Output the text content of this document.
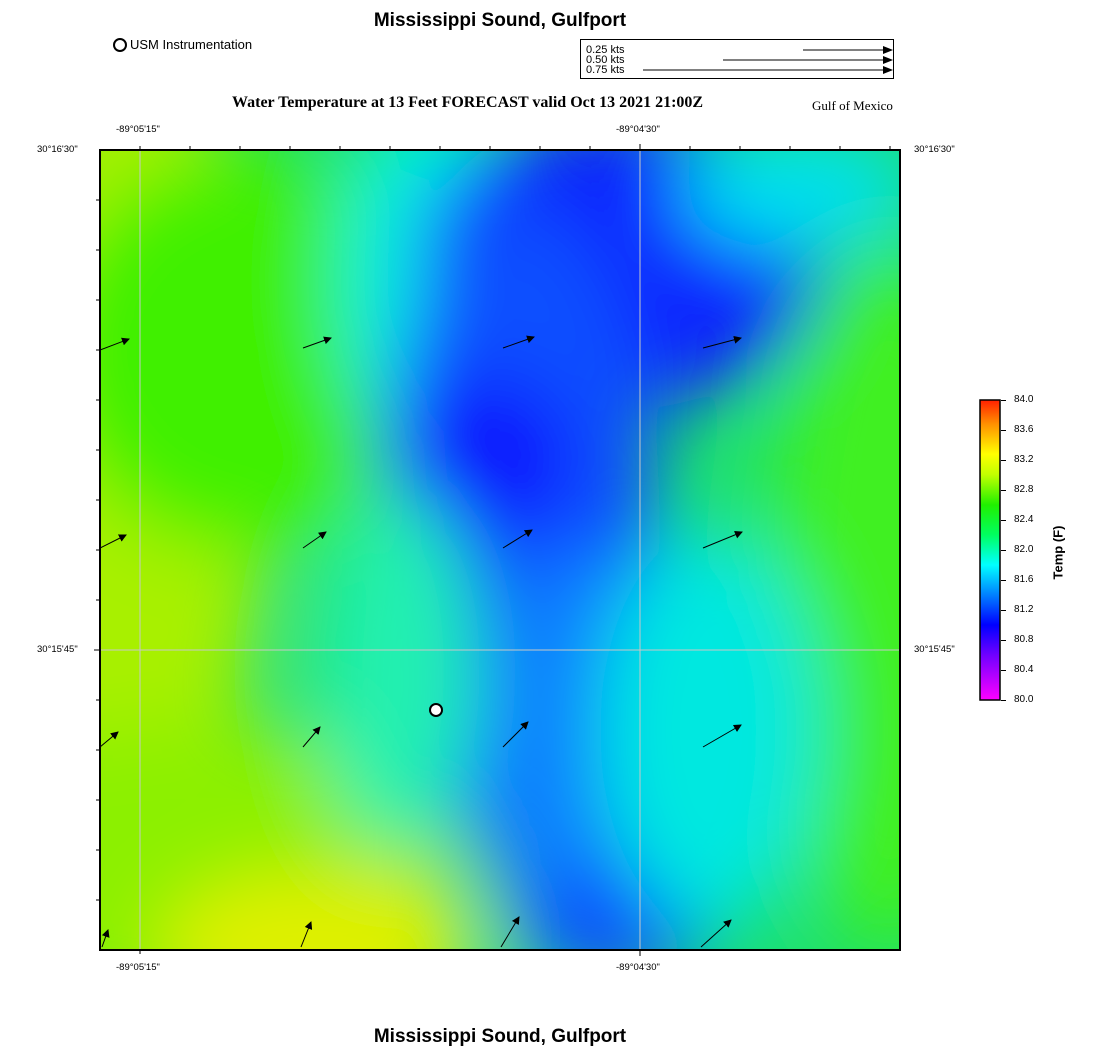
Mississippi Sound, Gulfport
USM Instrumentation	0.25 kts
0.50 kts
0.75 kts
Water Temperature at 13 Feet FORECAST valid Oct 13 2021 21:00Z	Gulf of Mexico
-89°05'15"	-89°04'30"
-89°05'15"	-89°04'30"
30°16'30"
30°15'45"
30°16'30"
30°15'45"
84.0
83.6
83.2
82.8
82.4
82.0
81.6
81.2
80.8
80.4
80.0
Temp (F)
Mississippi Sound, Gulfport
